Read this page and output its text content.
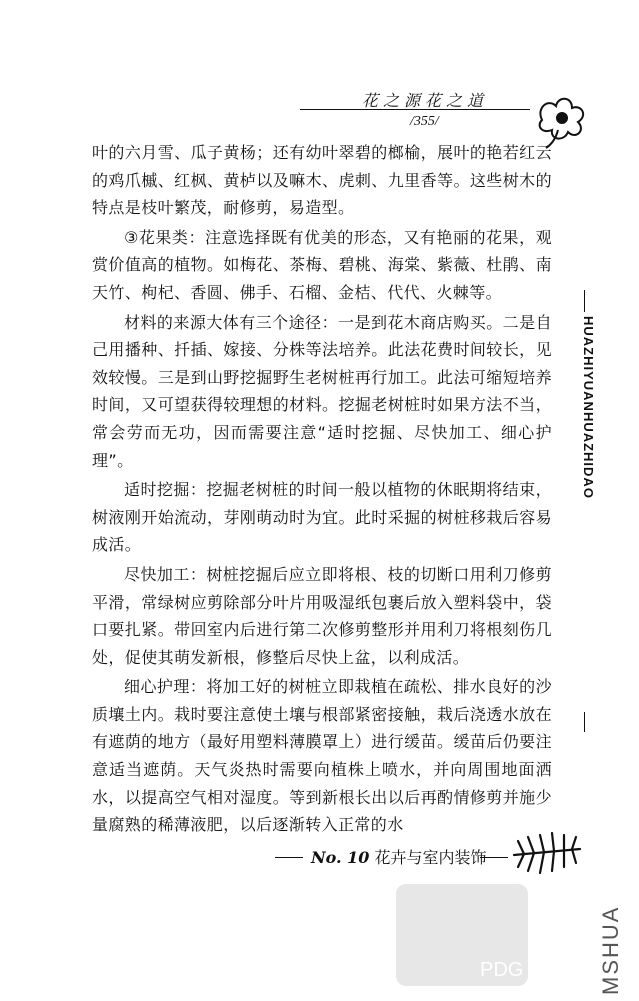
花之源花之道
/355/

叶的六月雪、瓜子黄杨；还有幼叶翠碧的榔榆，展叶的艳若红云的鸡爪槭、红枫、黄栌以及嘛木、虎刺、九里香等。这些树木的特点是枝叶繁茂，耐修剪，易造型。

③花果类：注意选择既有优美的形态，又有艳丽的花果，观赏价值高的植物。如梅花、茶梅、碧桃、海棠、紫薇、杜鹃、南天竹、枸杞、香圆、佛手、石榴、金桔、代代、火棘等。

材料的来源大体有三个途径：一是到花木商店购买。二是自己用播种、扦插、嫁接、分株等法培养。此法花费时间较长，见效较慢。三是到山野挖掘野生老树桩再行加工。此法可缩短培养时间，又可望获得较理想的材料。挖掘老树桩时如果方法不当，常会劳而无功，因而需要注意“适时挖掘、尽快加工、细心护理”。

适时挖掘：挖掘老树桩的时间一般以植物的休眠期将结束，树液刚开始流动，芽刚萌动时为宜。此时采掘的树桩移栽后容易成活。

尽快加工：树桩挖掘后应立即将根、枝的切断口用利刀修剪平滑，常绿树应剪除部分叶片用吸湿纸包裹后放入塑料袋中，袋口要扎紧。带回室内后进行第二次修剪整形并用利刀将根刻伤几处，促使其萌发新根，修整后尽快上盆，以利成活。

细心护理：将加工好的树桩立即栽植在疏松、排水良好的沙质壤土内。栽时要注意使土壤与根部紧密接触，栽后浇透水放在有遮荫的地方（最好用塑料薄膜罩上）进行缓苗。缓苗后仍要注意适当遮荫。天气炎热时需要向植株上喷水，并向周围地面洒水，以提高空气相对湿度。等到新根长出以后再酌情修剪并施少量腐熟的稀薄液肥，以后逐渐转入正常的水

HUAZHIYUANHUAZHIDAO
No. 10 花卉与室内装饰
PDG	MSHUA
